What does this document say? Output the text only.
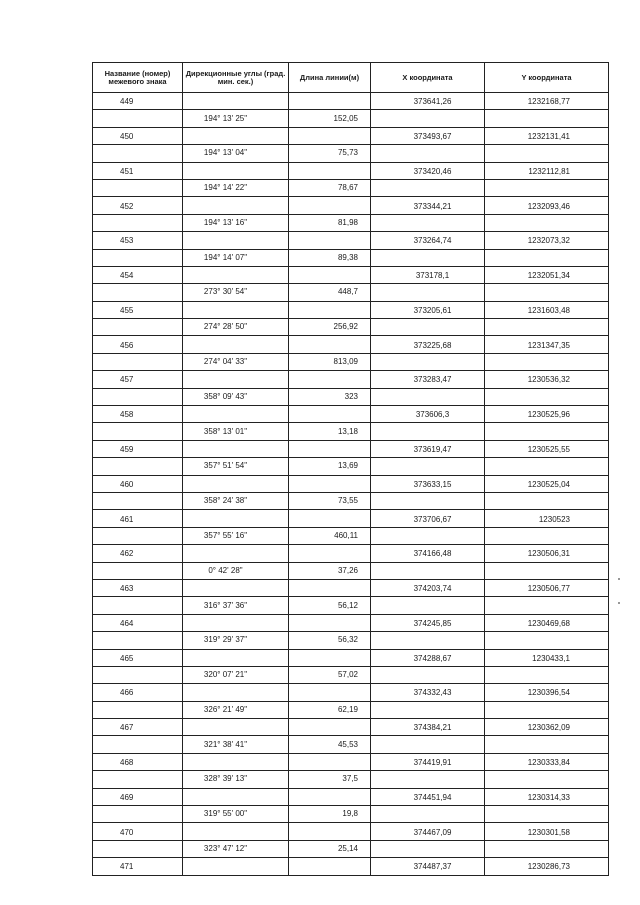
Название (номер) межевого знака	Дирекционные углы (град. мин. сек.)	Длина линии(м)	X координата	Y координата
449			373641,26	1232168,77
	194° 13' 25"	152,05		
450			373493,67	1232131,41
	194° 13' 04"	75,73		
451			373420,46	1232112,81
	194° 14' 22"	78,67		
452			373344,21	1232093,46
	194° 13' 16"	81,98		
453			373264,74	1232073,32
	194° 14' 07"	89,38		
454			373178,1	1232051,34
	273° 30' 54"	448,7		
455			373205,61	1231603,48
	274° 28' 50"	256,92		
456			373225,68	1231347,35
	274° 04' 33"	813,09		
457			373283,47	1230536,32
	358° 09' 43"	323		
458			373606,3	1230525,96
	358° 13' 01"	13,18		
459			373619,47	1230525,55
	357° 51' 54"	13,69		
460			373633,15	1230525,04
	358° 24' 38"	73,55		
461			373706,67	1230523
	357° 55' 16"	460,11		
462			374166,48	1230506,31
	0° 42' 28"	37,26		
463			374203,74	1230506,77
	316° 37' 36"	56,12		
464			374245,85	1230469,68
	319° 29' 37"	56,32		
465			374288,67	1230433,1
	320° 07' 21"	57,02		
466			374332,43	1230396,54
	326° 21' 49"	62,19		
467			374384,21	1230362,09
	321° 38' 41"	45,53		
468			374419,91	1230333,84
	328° 39' 13"	37,5		
469			374451,94	1230314,33
	319° 55' 00"	19,8		
470			374467,09	1230301,58
	323° 47' 12"	25,14		
471			374487,37	1230286,73
